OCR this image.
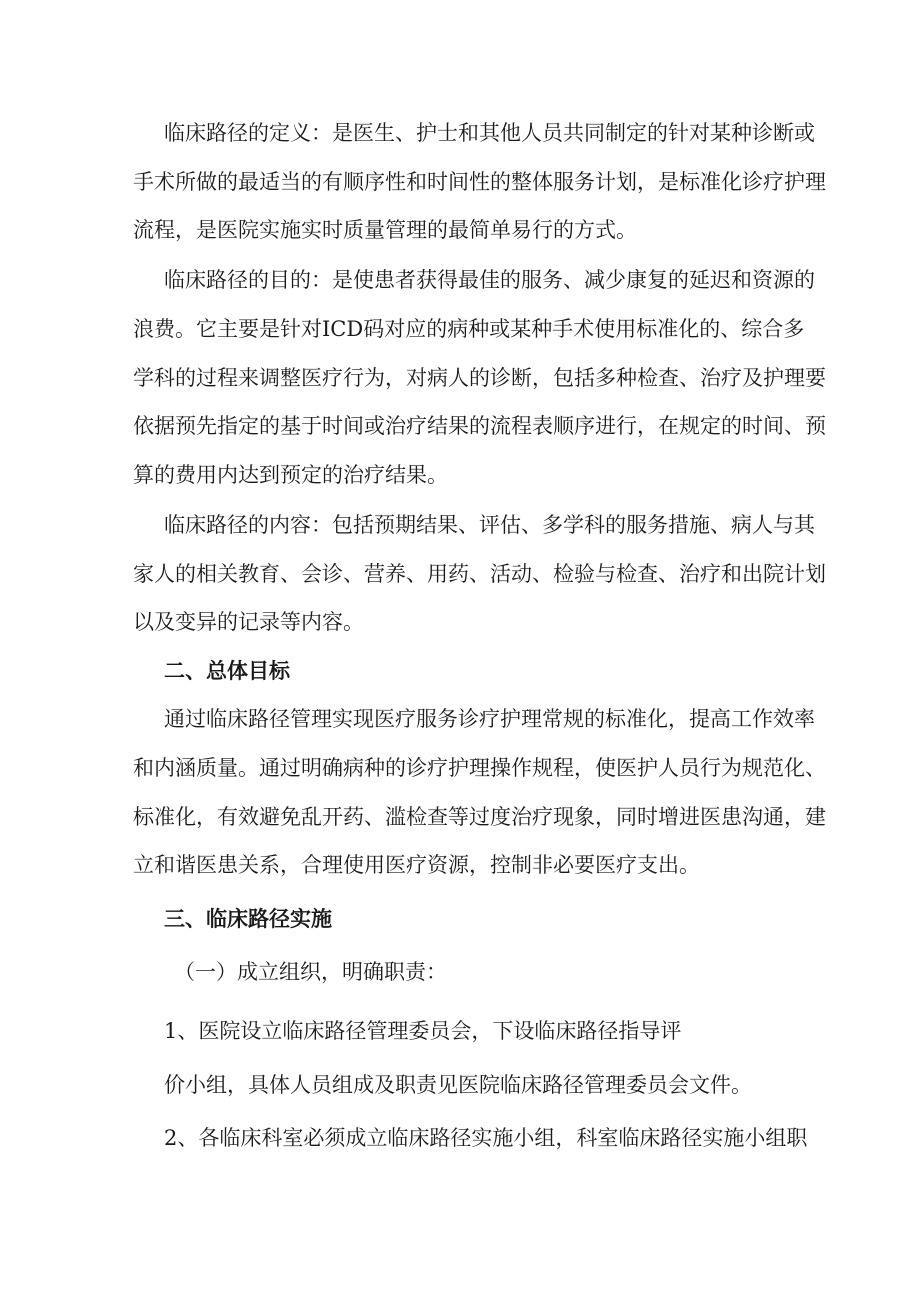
临床路径的定义：是医生、护士和其他人员共同制定的针对某种诊断或

手术所做的最适当的有顺序性和时间性的整体服务计划，是标准化诊疗护理

流程，是医院实施实时质量管理的最简单易行的方式。

临床路径的目的：是使患者获得最佳的服务、减少康复的延迟和资源的

浪费。它主要是针对ICD码对应的病种或某种手术使用标准化的、综合多

学科的过程来调整医疗行为，对病人的诊断，包括多种检查、治疗及护理要

依据预先指定的基于时间或治疗结果的流程表顺序进行，在规定的时间、预

算的费用内达到预定的治疗结果。

临床路径的内容：包括预期结果、评估、多学科的服务措施、病人与其

家人的相关教育、会诊、营养、用药、活动、检验与检查、治疗和出院计划

以及变异的记录等内容。

二、总体目标

通过临床路径管理实现医疗服务诊疗护理常规的标准化，提高工作效率

和内涵质量。通过明确病种的诊疗护理操作规程，使医护人员行为规范化、

标准化，有效避免乱开药、滥检查等过度治疗现象，同时增进医患沟通，建

立和谐医患关系，合理使用医疗资源，控制非必要医疗支出。

三、临床路径实施

（一）成立组织，明确职责：

1、医院设立临床路径管理委员会，下设临床路径指导评

价小组，具体人员组成及职责见医院临床路径管理委员会文件。

2、各临床科室必须成立临床路径实施小组，科室临床路径实施小组职
